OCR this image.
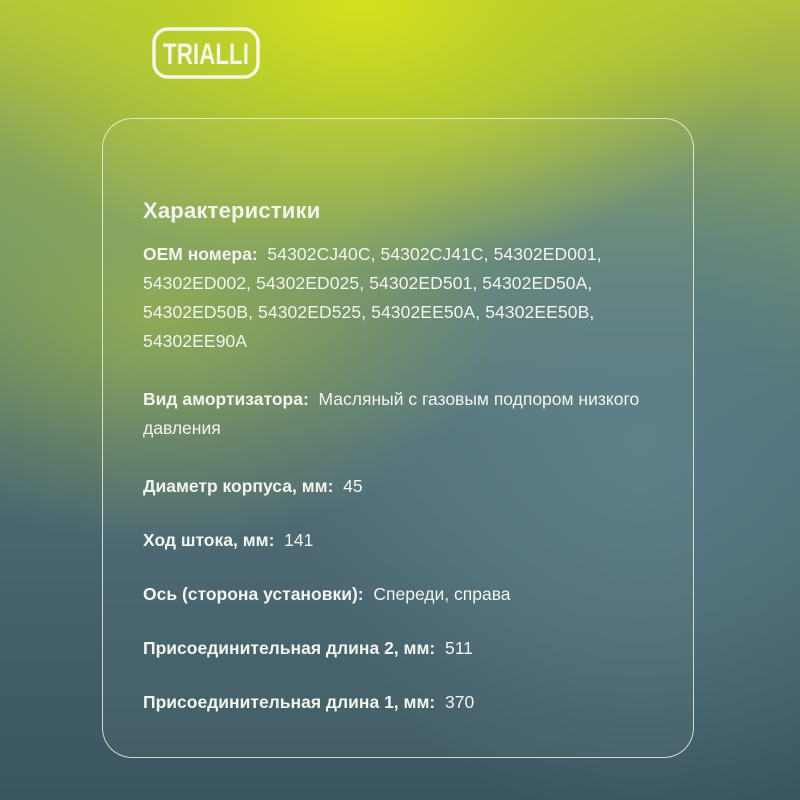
TRIALLI
Характеристики

OEM номера: 54302CJ40C, 54302CJ41C, 54302ED001, 54302ED002, 54302ED025, 54302ED501, 54302ED50A, 54302ED50B, 54302ED525, 54302EE50A, 54302EE50B, 54302EE90A

Вид амортизатора: Масляный с газовым подпором низкого давления

Диаметр корпуса, мм: 45

Ход штока, мм: 141

Ось (сторона установки): Спереди, справа

Присоединительная длина 2, мм: 511

Присоединительная длина 1, мм: 370
